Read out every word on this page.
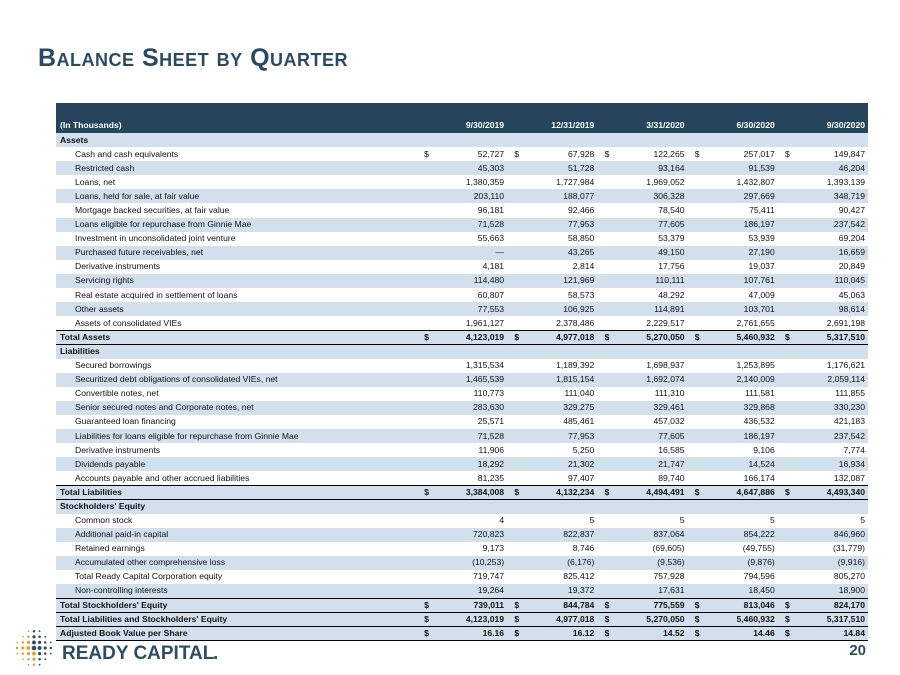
Balance Sheet by Quarter
(In Thousands)		9/30/2019		12/31/2019		3/31/2020		6/30/2020		9/30/2020
Assets										
Cash and cash equivalents	$	52,727	$	67,928	$	122,265	$	257,017	$	149,847
Restricted cash		45,303		51,728		93,164		91,539		46,204
Loans, net		1,380,359		1,727,984		1,969,052		1,432,807		1,393,139
Loans, held for sale, at fair value		203,110		188,077		306,328		297,669		348,719
Mortgage backed securities, at fair value		96,181		92,466		78,540		75,411		90,427
Loans eligible for repurchase from Ginnie Mae		71,528		77,953		77,605		186,197		237,542
Investment in unconsolidated joint venture		55,663		58,850		53,379		53,939		69,204
Purchased future receivables, net		—		43,265		49,150		27,190		16,659
Derivative instruments		4,181		2,814		17,756		19,037		20,849
Servicing rights		114,480		121,969		110,111		107,761		110,045
Real estate acquired in settlement of loans		60,807		58,573		48,292		47,009		45,063
Other assets		77,553		106,925		114,891		103,701		98,614
Assets of consolidated VIEs		1,961,127		2,378,486		2,229,517		2,761,655		2,691,198
Total Assets	$	4,123,019	$	4,977,018	$	5,270,050	$	5,460,932	$	5,317,510
Liabilities										
Secured borrowings		1,315,534		1,189,392		1,698,937		1,253,895		1,176,621
Securitized debt obligations of consolidated VIEs, net		1,465,539		1,815,154		1,692,074		2,140,009		2,059,114
Convertible notes, net		110,773		111,040		111,310		111,581		111,855
Senior secured notes and Corporate notes, net		283,630		329,275		329,461		329,868		330,230
Guaranteed loan financing		25,571		485,461		457,032		436,532		421,183
Liabilities for loans eligible for repurchase from Ginnie Mae		71,528		77,953		77,605		186,197		237,542
Derivative instruments		11,906		5,250		16,585		9,106		7,774
Dividends payable		18,292		21,302		21,747		14,524		16,934
Accounts payable and other accrued liabilities		81,235		97,407		89,740		166,174		132,087
Total Liabilities	$	3,384,008	$	4,132,234	$	4,494,491	$	4,647,886	$	4,493,340
Stockholders' Equity										
Common stock		4		5		5		5		5
Additional paid-in capital		720,823		822,837		837,064		854,222		846,960
Retained earnings		9,173		8,746		(69,605)		(49,755)		(31,779)
Accumulated other comprehensive loss		(10,253)		(6,176)		(9,536)		(9,876)		(9,916)
Total Ready Capital Corporation equity		719,747		825,412		757,928		794,596		805,270
Non-controlling interests		19,264		19,372		17,631		18,450		18,900
Total Stockholders' Equity	$	739,011	$	844,784	$	775,559	$	813,046	$	824,170
Total Liabilities and Stockholders' Equity	$	4,123,019	$	4,977,018	$	5,270,050	$	5,460,932	$	5,317,510
Adjusted Book Value per Share	$	16.16	$	16.12	$	14.52	$	14.46	$	14.84
READY CAPITAL
.	20
